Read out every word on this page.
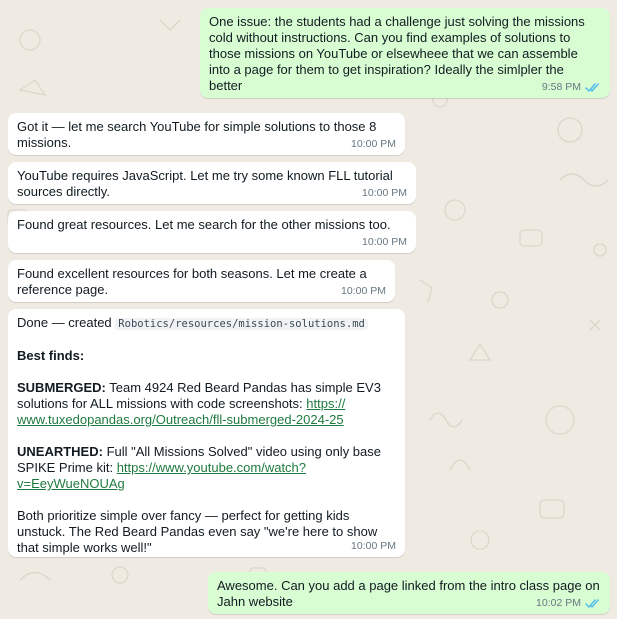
One issue: the students had a challenge just solving the missions cold without instructions. Can you find examples of solutions to those missions on YouTube or elsewheee that we can assemble into a page for them to get inspiration? Ideally the simlpler the better	9:58 PM
Got it — let me search YouTube for simple solutions to those 8 missions.	10:00 PM
YouTube requires JavaScript. Let me try some known FLL tutorial sources directly.	10:00 PM
Found great resources. Let me search for the other missions too.
10:00 PM
Found excellent resources for both seasons. Let me create a reference page.	10:00 PM

Done — created Robotics/resources/mission-solutions.md

Best finds:

SUBMERGED: Team 4924 Red Beard Pandas has simple EV3 solutions for ALL missions with code screenshots: https://
www.tuxedopandas.org/Outreach/fll-submerged-2024-25

UNEARTHED: Full "All Missions Solved" video using only base SPIKE Prime kit: https://www.youtube.com/watch?
v=EeyWueNOUAg

Both prioritize simple over fancy — perfect for getting kids

unstuck. The Red Beard Pandas even say "we're here to show

that simple works well!"	10:00 PM
Awesome. Can you add a page linked from the intro class page on Jahn website	10:02 PM
